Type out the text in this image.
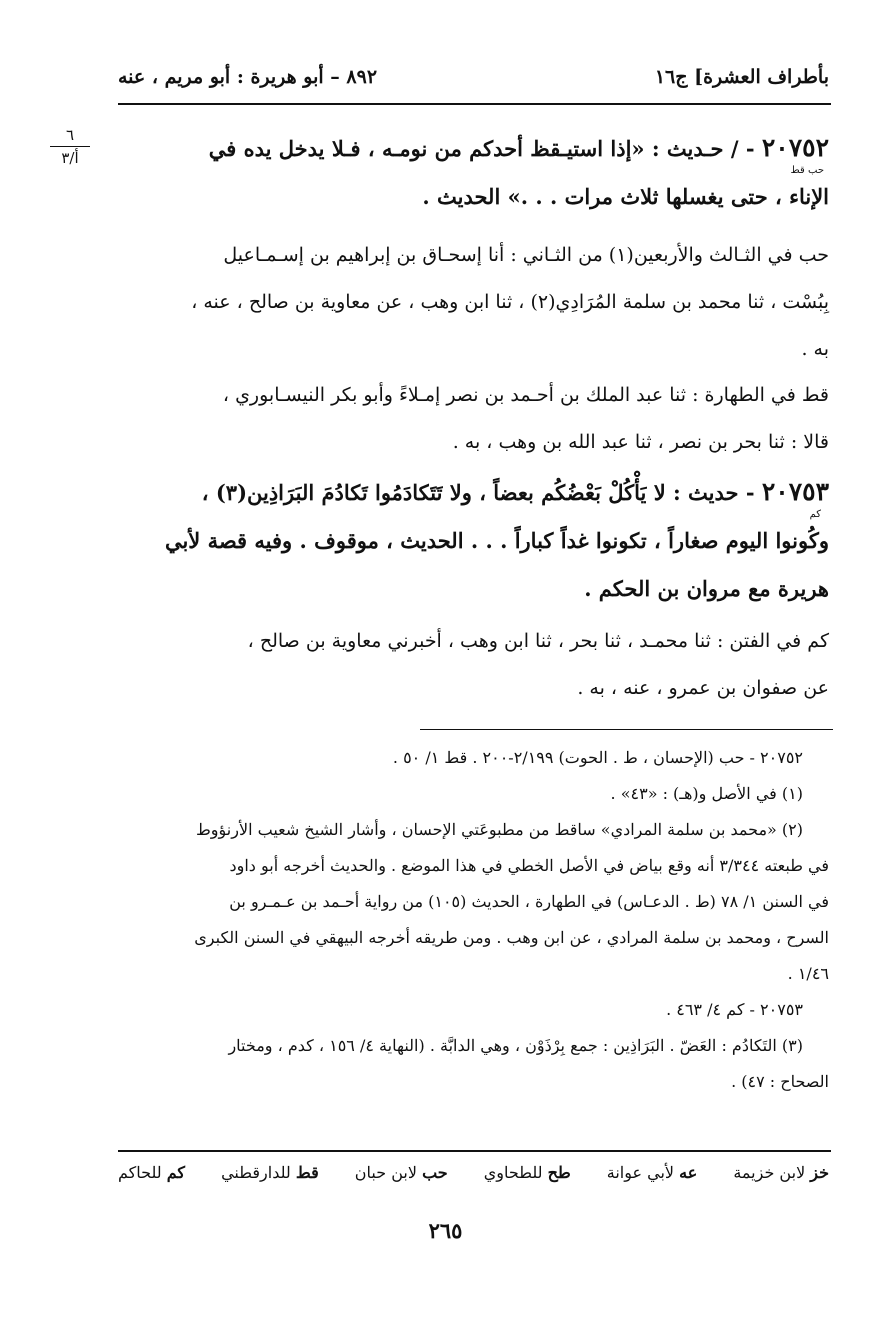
بأطراف العشرة] ج١٦
٨٩٢ – أبو هريرة : أبو مريم ، عنه
٦
أ/٣	٢٠٧٥٢ - / حـديث : «إذا استيـقظ أحدكم من نومـه ، فـلا يدخل يده في
الإناء ، حتى يغسلها ثلاث مرات . . .» الحديث .
حب قط
حب في الثـالث والأربعين(١) من الثـاني : أنا إسحـاق بن إبراهيم بن إسـمـاعيل
بِبُسْت ، ثنا محمد بن سلمة المُرَادِي(٢) ، ثنا ابن وهب ، عن معاوية بن صالح ، عنه ،
به .
قط في الطهارة : ثنا عبد الملك بن أحـمد بن نصر إمـلاءً وأبو بكر النيسـابوري ،
قالا : ثنا بحر بن نصر ، ثنا عبد الله بن وهب ، به .
٢٠٧٥٣ - حديث : لا يَأْكُلْ بَعْضُكُم بعضاً ، ولا تَتَكادَمُوا تَكادُمَ البَرَاذِين(٣) ،
وكُونوا اليوم صغاراً ، تكونوا غداً كباراً . . . الحديث ، موقوف . وفيه قصة لأبي
هريرة مع مروان بن الحكم .
كم
كم في الفتن : ثنا محمـد ، ثنا بحر ، ثنا ابن وهب ، أخبرني معاوية بن صالح ،
عن صفوان بن عمرو ، عنه ، به .

٢٠٧٥٢ - حب (الإحسان ، ط . الحوت) ٢/١٩٩-٢٠٠ . قط ١/ ٥٠ .

(١) في الأصل و(هـ) : «٤٣» .

(٢) «محمد بن سلمة المرادي» ساقط من مطبوعَتي الإحسان ، وأشار الشيخ شعيب الأرنؤوط

في طبعته ٣/٣٤٤ أنه وقع بياض في الأصل الخطي في هذا الموضع . والحديث أخرجه أبو داود

في السنن ١/ ٧٨ (ط . الدعـاس) في الطهارة ، الحديث (١٠٥) من رواية أحـمد بن عـمـرو بن

السرح ، ومحمد بن سلمة المرادي ، عن ابن وهب . ومن طريقه أخرجه البيهقي في السنن الكبرى

١/٤٦ .

٢٠٧٥٣ - كم ٤/ ٤٦٣ .

(٣) التَكادُم : العَضّ . البَرَاذِين : جمع بِرْذَوْن ، وهي الدابَّة . (النهاية ٤/ ١٥٦ ، كدم ، ومختار

الصحاح : ٤٧) .

خز لابن خزيمة
عه لأبي عوانة
طح للطحاوي
حب لابن حبان
قط للدارقطني
كم للحاكم
٢٦٥
